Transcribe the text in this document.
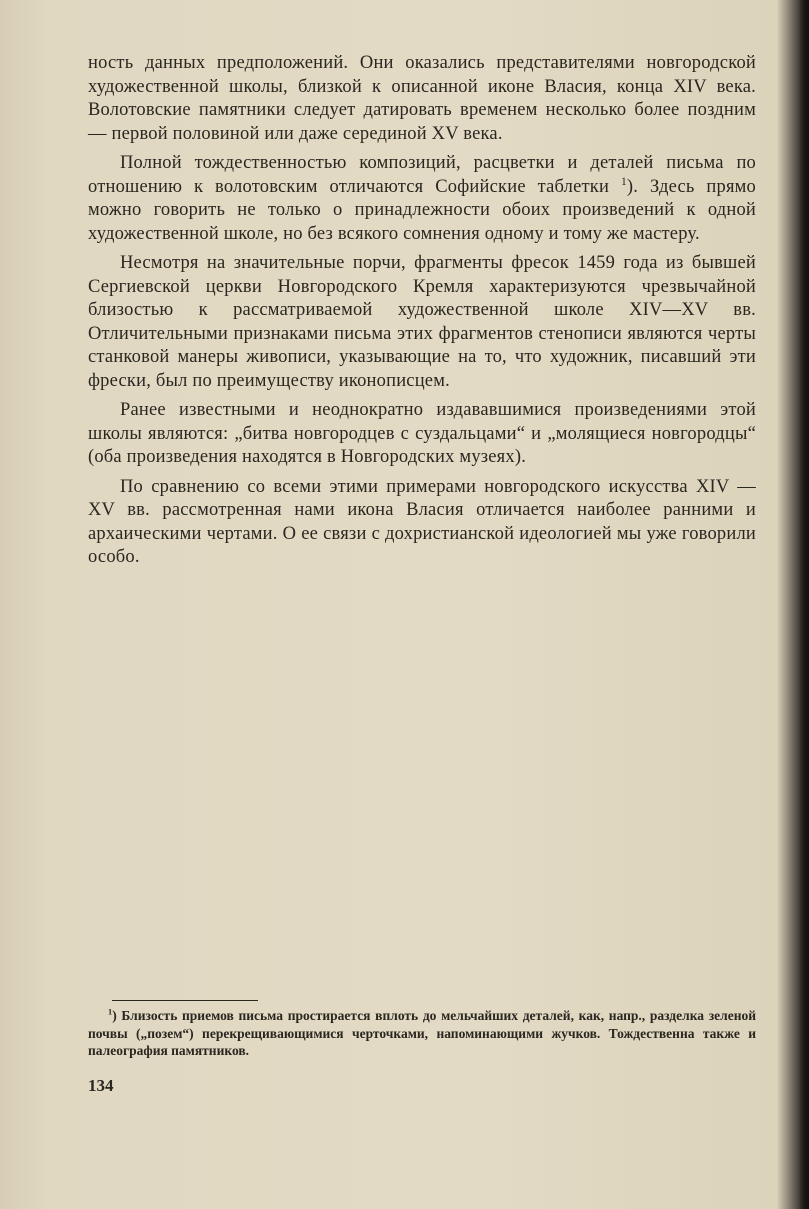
ность данных предположений. Они оказались представителями новгородской художественной школы, близкой к описанной иконе Власия, конца XIV века. Волотовские памятники следует датировать временем несколько более поздним — первой половиной или даже серединой XV века.

Полной тождественностью композиций, расцветки и деталей письма по отношению к волотовским отличаются Софийские таблетки $^1$). Здесь прямо можно говорить не только о принадлежности обоих произведений к одной художественной школе, но без всякого сомнения одному и тому же мастеру.

Несмотря на значительные порчи, фрагменты фресок 1459 года из бывшей Сергиевской церкви Новгородского Кремля характеризуются чрезвычайной близостью к рассматриваемой художественной школе XIV—XV вв. Отличительными признаками письма этих фрагментов стенописи являются черты станковой манеры живописи, указывающие на то, что художник, писавший эти фрески, был по преимуществу иконописцем.

Ранее известными и неоднократно издававшимися произведениями этой школы являются: „битва новгородцев с суздальцами“ и „молящиеся новгородцы“ (оба произведения находятся в Новгородских музеях).

По сравнению со всеми этими примерами новгородского искусства XIV — XV вв. рассмотренная нами икона Власия отличается наиболее ранними и архаическими чертами. О ее связи с дохристианской идеологией мы уже говорили особо.

$^1$) Близость приемов письма простирается вплоть до мельчайших деталей, как, напр., разделка зеленой почвы („позем“) перекрещивающимися черточками, напоминающими жучков. Тождественна также и палеография памятников.

134
